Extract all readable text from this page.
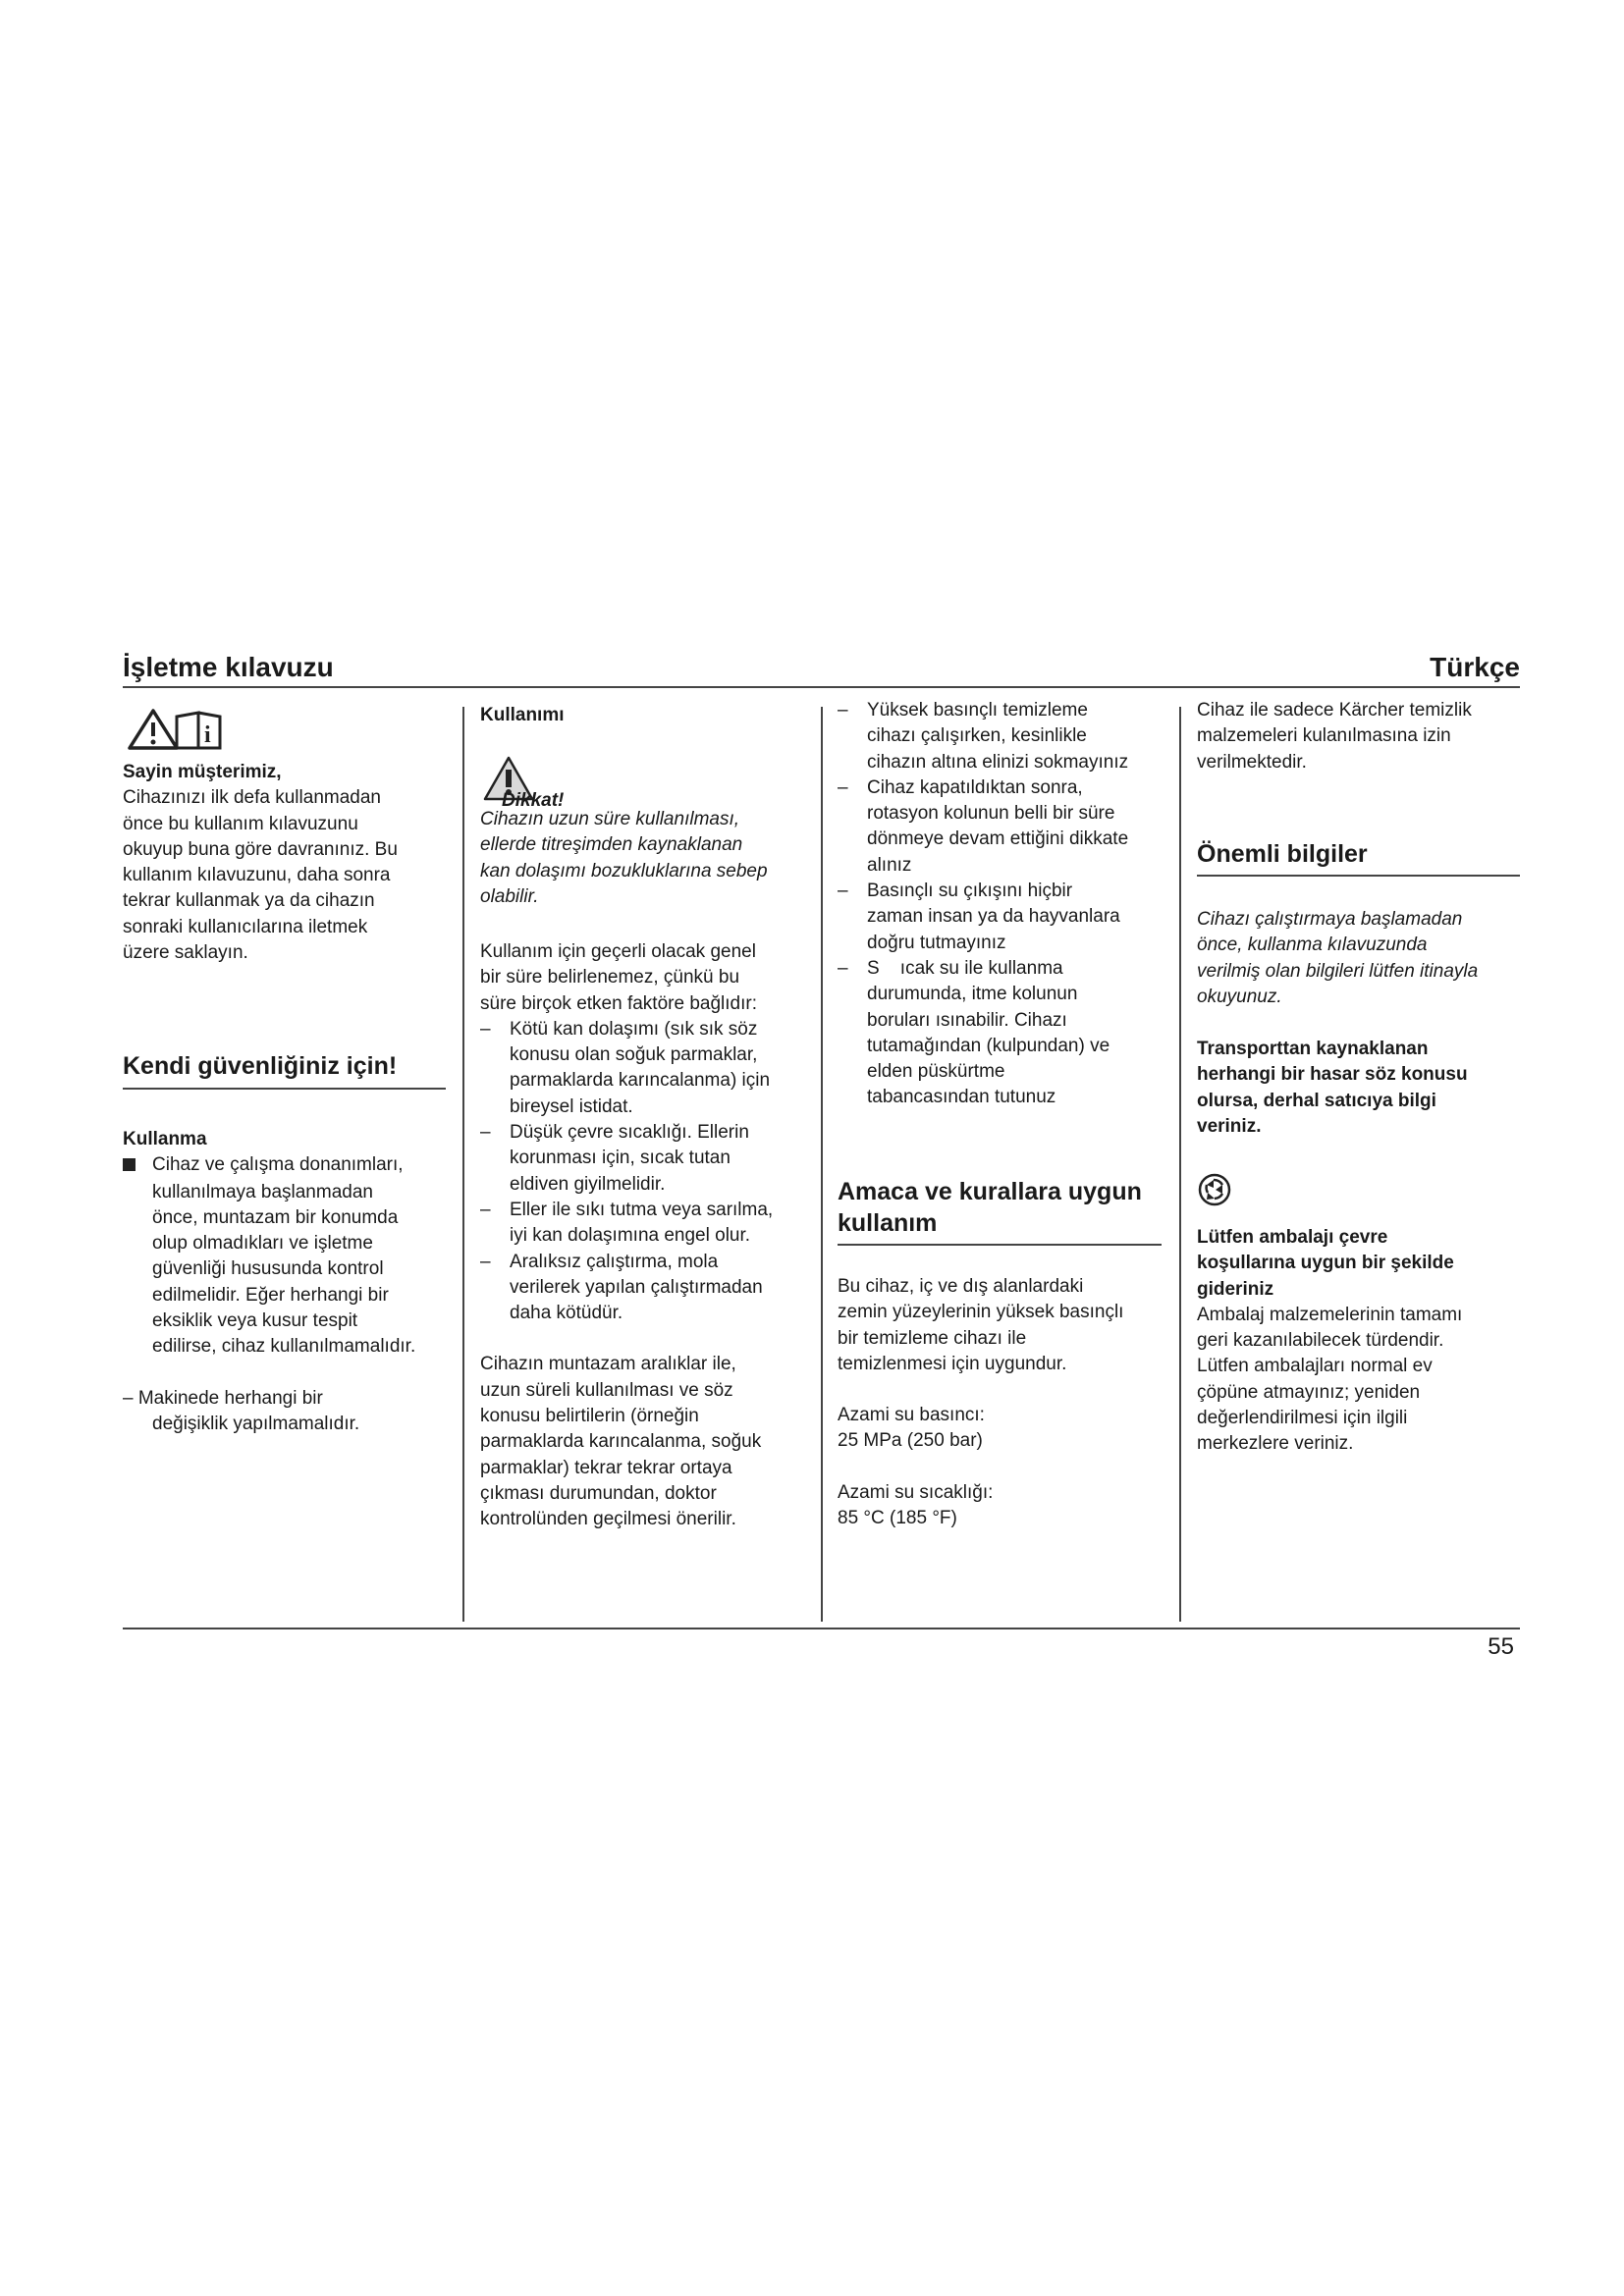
İşletme kılavuzu	Türkçe
i

Sayin müşterimiz,

Cihazınızı ilk defa kullanmadan

önce bu kullanım kılavuzunu

okuyup buna göre davranınız. Bu

kullanım kılavuzunu, daha sonra

tekrar kullanmak ya da cihazın

sonraki kullanıcılarına iletmek

üzere saklayın.

Kendi güvenliğiniz için!

Kullanma

Cihaz ve çalışma donanımları,

kullanılmaya başlanmadan

önce, muntazam bir konumda

olup olmadıkları ve işletme

güvenliği hususunda kontrol

edilmelidir. Eğer herhangi bir

eksiklik veya kusur tespit

edilirse, cihaz kullanılmamalıdır.

– Makinede herhangi bir

değişiklik yapılmamalıdır.

Kullanımı

Dikkat!

Cihazın uzun süre kullanılması,

ellerde titreşimden kaynaklanan

kan dolaşımı bozukluklarına sebep

olabilir.

Kullanım için geçerli olacak genel

bir süre belirlenemez, çünkü bu

süre birçok etken faktöre bağlıdır:

–	Kötü kan dolaşımı (sık sık söz

konusu olan soğuk parmaklar,

parmaklarda karıncalanma) için

bireysel istidat.

–	Düşük çevre sıcaklığı. Ellerin

korunması için, sıcak tutan

eldiven giyilmelidir.

–	Eller ile sıkı tutma veya sarılma,

iyi kan dolaşımına engel olur.

–	Aralıksız çalıştırma, mola

verilerek yapılan çalıştırmadan

daha kötüdür.

Cihazın muntazam aralıklar ile,

uzun süreli kullanılması ve söz

konusu belirtilerin (örneğin

parmaklarda karıncalanma, soğuk

parmaklar) tekrar tekrar ortaya

çıkması durumundan, doktor

kontrolünden geçilmesi önerilir.

–	Yüksek basınçlı temizleme

cihazı çalışırken, kesinlikle

cihazın altına elinizi sokmayınız

–	Cihaz kapatıldıktan sonra,

rotasyon kolunun belli bir süre

dönmeye devam ettiğini dikkate

alınız

–	Basınçlı su çıkışını hiçbir

zaman insan ya da hayvanlara

doğru tutmayınız

–	S    ıcak su ile kullanma

durumunda, itme kolunun

boruları ısınabilir. Cihazı

tutamağından (kulpundan) ve

elden püskürtme

tabancasından tutunuz

Amaca ve kurallara uygun
kullanım

Bu cihaz, iç ve dış alanlardaki

zemin yüzeylerinin yüksek basınçlı

bir temizleme cihazı ile

temizlenmesi için uygundur.

Azami su basıncı:

25 MPa (250 bar)

Azami su sıcaklığı:

85 °C (185 °F)

Cihaz ile sadece Kärcher temizlik

malzemeleri kulanılmasına izin

verilmektedir.

Önemli bilgiler

Cihazı çalıştırmaya başlamadan

önce, kullanma kılavuzunda

verilmiş olan bilgileri lütfen itinayla

okuyunuz.

Transporttan kaynaklanan

herhangi bir hasar söz konusu

olursa, derhal satıcıya bilgi

veriniz.

Lütfen ambalajı çevre

koşullarına uygun bir şekilde

gideriniz

Ambalaj malzemelerinin tamamı

geri kazanılabilecek türdendir.

Lütfen ambalajları normal ev

çöpüne atmayınız; yeniden

değerlendirilmesi için ilgili

merkezlere veriniz.

55
